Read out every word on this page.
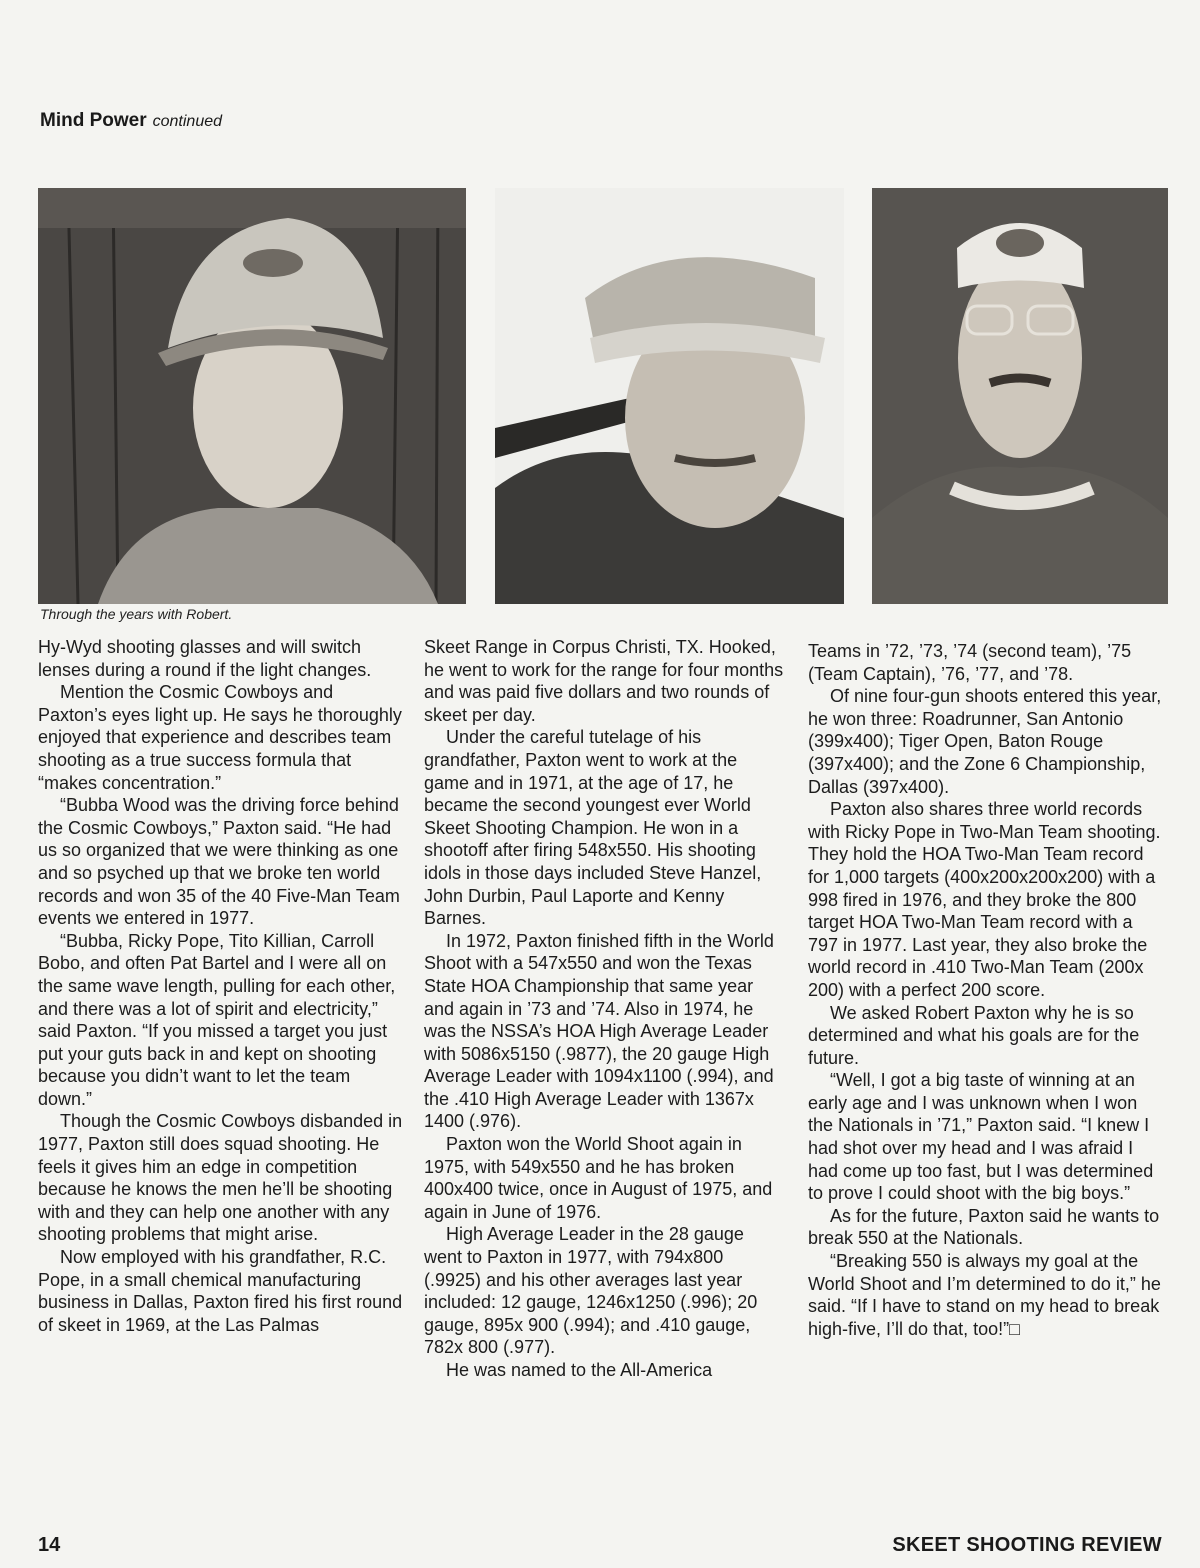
Mind Power continued
Through the years with Robert.

Hy-Wyd shooting glasses and will switch lenses during a round if the light changes.

Mention the Cosmic Cowboys and Paxton’s eyes light up. He says he thoroughly enjoyed that experience and describes team shooting as a true success formula that “makes concentration.”

“Bubba Wood was the driving force behind the Cosmic Cowboys,” Paxton said. “He had us so organized that we were thinking as one and so psyched up that we broke ten world records and won 35 of the 40 Five-Man Team events we entered in 1977.

“Bubba, Ricky Pope, Tito Killian, Carroll Bobo, and often Pat Bartel and I were all on the same wave length, pulling for each other, and there was a lot of spirit and electricity,” said Paxton. “If you missed a target you just put your guts back in and kept on shooting because you didn’t want to let the team down.”

Though the Cosmic Cowboys disbanded in 1977, Paxton still does squad shooting. He feels it gives him an edge in competition because he knows the men he’ll be shooting with and they can help one another with any shooting problems that might arise.

Now employed with his grandfather, R.C. Pope, in a small chemical manufacturing business in Dallas, Paxton fired his first round of skeet in 1969, at the Las Palmas

Skeet Range in Corpus Christi, TX. Hooked, he went to work for the range for four months and was paid five dollars and two rounds of skeet per day.

Under the careful tutelage of his grandfather, Paxton went to work at the game and in 1971, at the age of 17, he became the second youngest ever World Skeet Shooting Champion. He won in a shootoff after firing 548x550. His shooting idols in those days included Steve Hanzel, John Durbin, Paul Laporte and Kenny Barnes.

In 1972, Paxton finished fifth in the World Shoot with a 547x550 and won the Texas State HOA Championship that same year and again in ’73 and ’74. Also in 1974, he was the NSSA’s HOA High Average Leader with 5086x5150 (.9877), the 20 gauge High Average Leader with 1094x1100 (.994), and the .410 High Average Leader with 1367x 1400 (.976).

Paxton won the World Shoot again in 1975, with 549x550 and he has broken 400x400 twice, once in August of 1975, and again in June of 1976.

High Average Leader in the 28 gauge went to Paxton in 1977, with 794x800 (.9925) and his other averages last year included: 12 gauge, 1246x1250 (.996); 20 gauge, 895x 900 (.994); and .410 gauge, 782x 800 (.977).

He was named to the All-America

Teams in ’72, ’73, ’74 (second team), ’75 (Team Captain), ’76, ’77, and ’78.

Of nine four-gun shoots entered this year, he won three: Roadrunner, San Antonio (399x400); Tiger Open, Baton Rouge (397x400); and the Zone 6 Championship, Dallas (397x400).

Paxton also shares three world records with Ricky Pope in Two-Man Team shooting. They hold the HOA Two-Man Team record for 1,000 targets (400x200x200x200) with a 998 fired in 1976, and they broke the 800 target HOA Two-Man Team record with a 797 in 1977. Last year, they also broke the world record in .410 Two-Man Team (200x 200) with a perfect 200 score.

We asked Robert Paxton why he is so determined and what his goals are for the future.

“Well, I got a big taste of winning at an early age and I was unknown when I won the Nationals in ’71,” Paxton said. “I knew I had shot over my head and I was afraid I had come up too fast, but I was determined to prove I could shoot with the big boys.”

As for the future, Paxton said he wants to break 550 at the Nationals.

“Breaking 550 is always my goal at the World Shoot and I’m determined to do it,” he said. “If I have to stand on my head to break high-five, I’ll do that, too!”□

14	SKEET SHOOTING REVIEW
